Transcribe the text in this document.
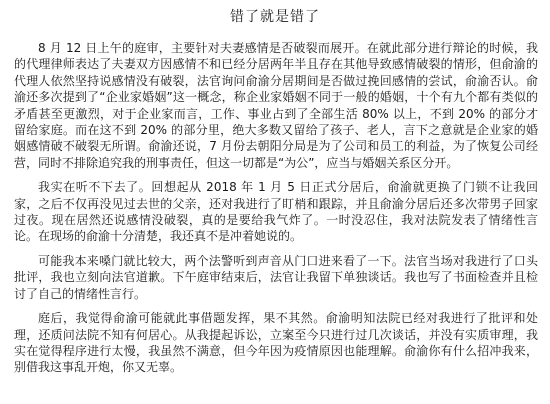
错了就是错了

8 月 12 日上午的庭审，主要针对夫妻感情是否破裂而展开。在就此部分进行辩论的时候，我的代理律师表达了夫妻双方因感情不和已经分居两年半且存在其他导致感情破裂的情形，但俞渝的代理人依然坚持说感情没有破裂，法官询问俞渝分居期间是否做过挽回感情的尝试，俞渝否认。俞渝还多次提到了“企业家婚姻”这一概念，称企业家婚姻不同于一般的婚姻，十个有九个都有类似的矛盾甚至更激烈，对于企业家而言，工作、事业占到了全部生活 80% 以上，不到 20% 的部分才留给家庭。而在这不到 20% 的部分里，绝大多数又留给了孩子、老人，言下之意就是企业家的婚姻感情破不破裂无所谓。俞渝还说，7 月份去朝阳分局是为了公司和员工的利益，为了恢复公司经营，同时不排除追究我的刑事责任，但这一切都是“为公”，应当与婚姻关系区分开。

我实在听不下去了。回想起从 2018 年 1 月 5 日正式分居后，俞渝就更换了门锁不让我回家，之后不仅再没见过去世的父亲，还对我进行了盯梢和跟踪，并且俞渝分居后还多次带男子回家过夜。现在居然还说感情没破裂，真的是要给我气炸了。一时没忍住，我对法院发表了情绪性言论。在现场的俞渝十分清楚，我还真不是冲着她说的。

可能我本来嗓门就比较大，两个法警听到声音从门口进来看了一下。法官当场对我进行了口头批评，我也立刻向法官道歉。下午庭审结束后，法官让我留下单独谈话。我也写了书面检查并且检讨了自己的情绪性言行。

庭后，我觉得俞渝可能就此事借题发挥，果不其然。俞渝明知法院已经对我进行了批评和处理，还质问法院不知有何居心。从我提起诉讼，立案至今只进行过几次谈话，并没有实质审理，我实在觉得程序进行太慢，我虽然不满意，但今年因为疫情原因也能理解。俞渝你有什么招冲我来，别借我这事乱开炮，你又无辜。
